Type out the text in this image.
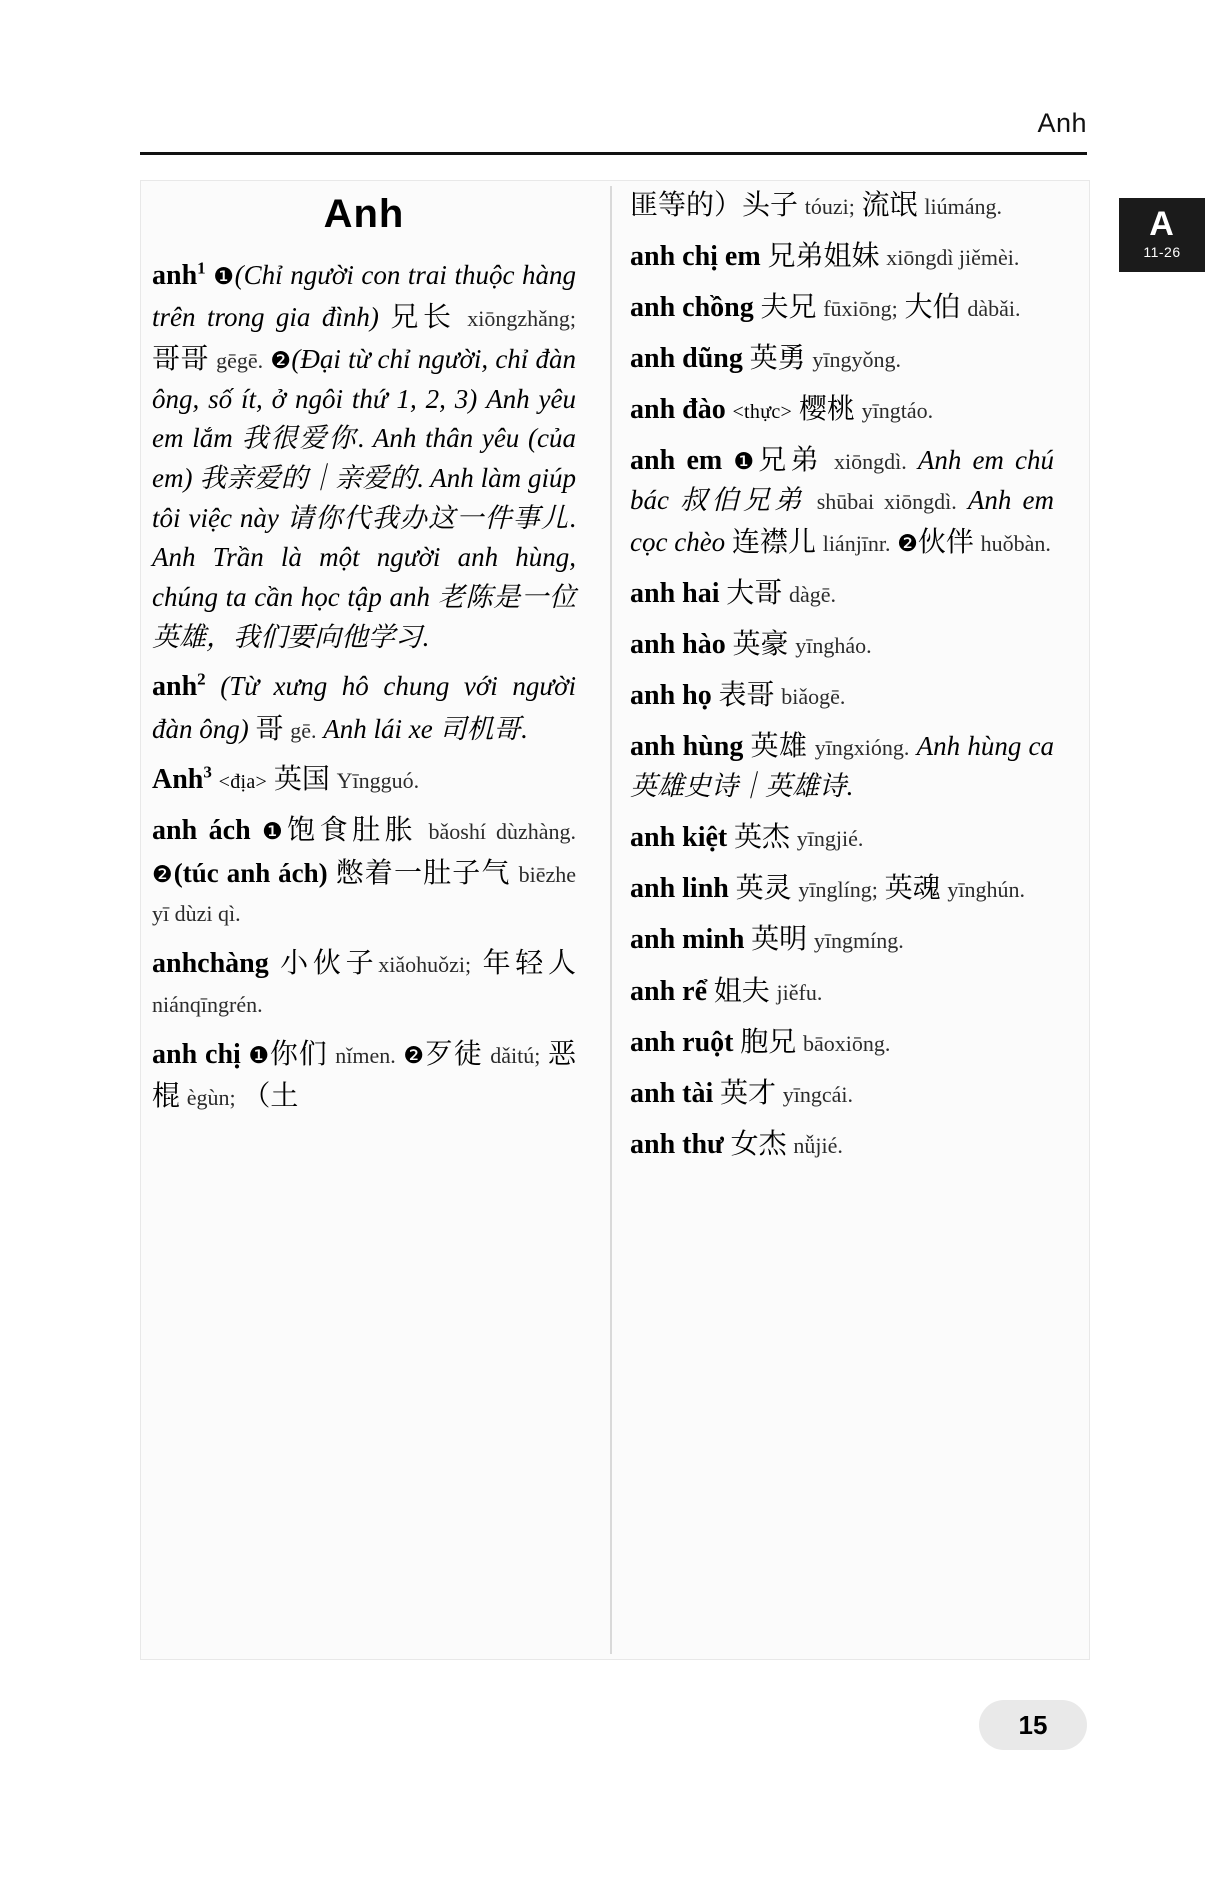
Anh
A
11-26
Anh
anh$^1$ ❶(Chỉ người con trai thuộc hàng trên trong gia đình) 兄长 xiōngzhǎng; 哥哥 gēgē. ❷(Đại từ chỉ người, chỉ đàn ông, số ít, ở ngôi thứ 1, 2, 3) Anh yêu em lắm 我很爱你. Anh thân yêu (của em) 我亲爱的｜亲爱的. Anh làm giúp tôi việc này 请你代我办这一件事儿. Anh Trần là một người anh hùng, chúng ta cần học tập anh 老陈是一位英雄，我们要向他学习.
anh$^2$ (Từ xưng hô chung với người đàn ông) 哥 gē. Anh lái xe 司机哥.
Anh$^3$ <địa> 英国 Yīngguó.
anh ách ❶饱食肚胀 bǎoshí dùzhàng. ❷(túc anh ách) 憋着一肚子气 biēzhe yī dùzi qì.
anhchàng 小伙子xiǎohuǒzi; 年轻人 niánqīngrén.
anh chị ❶你们 nǐmen. ❷歹徒 dǎitú; 恶棍 ègùn; （土
匪等的）头子 tóuzi; 流氓 liúmáng.
anh chị em 兄弟姐妹 xiōngdì jiěmèi.
anh chồng 夫兄 fūxiōng; 大伯 dàbǎi.
anh dũng 英勇 yīngyǒng.
anh đào <thực> 樱桃 yīngtáo.
anh em ❶兄弟 xiōngdì. Anh em chú bác 叔伯兄弟 shūbai xiōngdì. Anh em cọc chèo 连襟儿 liánjīnr. ❷伙伴 huǒbàn.
anh hai 大哥 dàgē.
anh hào 英豪 yīngháo.
anh họ 表哥 biǎogē.
anh hùng 英雄 yīngxióng. Anh hùng ca 英雄史诗｜英雄诗.
anh kiệt 英杰 yīngjié.
anh linh 英灵 yīnglíng; 英魂 yīnghún.
anh minh 英明 yīngmíng.
anh rể 姐夫 jiěfu.
anh ruột 胞兄 bāoxiōng.
anh tài 英才 yīngcái.
anh thư 女杰 nǚjié.
15
